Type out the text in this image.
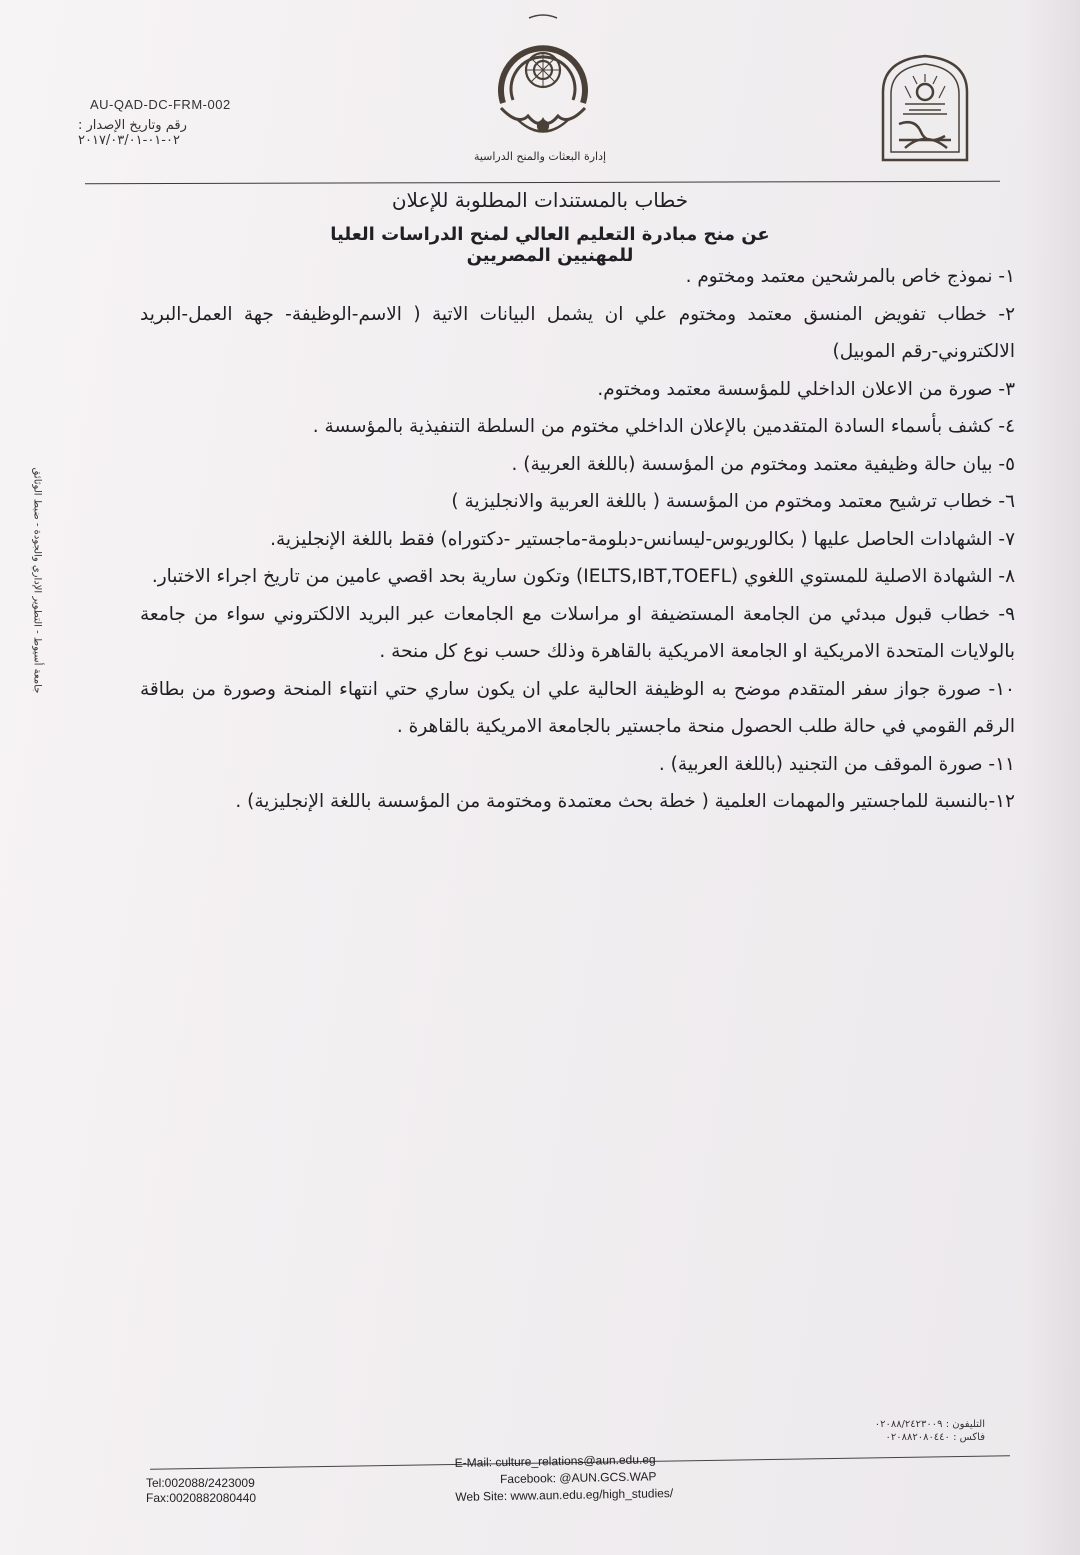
AU-QAD-DC-FRM-002
رقم وتاريخ الإصدار : ٠٢-٠١-٢٠١٧/٠٣/٠١
إدارة البعثات والمنح الدراسية
خطاب بالمستندات المطلوبة للإعلان
عن منح مبادرة التعليم العالي لمنح الدراسات العليا للمهنيين المصريين

١- نموذج خاص بالمرشحين معتمد ومختوم .

٢- خطاب تفويض المنسق معتمد ومختوم علي ان يشمل البيانات الاتية ( الاسم-الوظيفة- جهة العمل-البريد الالكتروني-رقم الموبيل)

٣- صورة من الاعلان الداخلي للمؤسسة معتمد ومختوم.

٤- كشف بأسماء السادة المتقدمين بالإعلان الداخلي مختوم من السلطة التنفيذية بالمؤسسة .

٥- بيان حالة وظيفية معتمد ومختوم من المؤسسة (باللغة العربية) .

٦- خطاب ترشيح معتمد ومختوم من المؤسسة ( باللغة العربية والانجليزية )

٧- الشهادات الحاصل عليها ( بكالوريوس-ليسانس-دبلومة-ماجستير -دكتوراه) فقط باللغة الإنجليزية.

٨- الشهادة الاصلية للمستوي اللغوي (IELTS,IBT,TOEFL) وتكون سارية بحد اقصي عامين من تاريخ اجراء الاختبار.

٩- خطاب قبول مبدئي من الجامعة المستضيفة او مراسلات مع الجامعات عبر البريد الالكتروني سواء من جامعة بالولايات المتحدة الامريكية او الجامعة الامريكية بالقاهرة وذلك حسب نوع كل منحة .

١٠- صورة جواز سفر المتقدم موضح به الوظيفة الحالية علي ان يكون ساري حتي انتهاء المنحة وصورة من بطاقة الرقم القومي في حالة طلب الحصول منحة ماجستير بالجامعة الامريكية بالقاهرة .

١١- صورة الموقف من التجنيد (باللغة العربية) .

١٢-بالنسبة للماجستير والمهمات العلمية ( خطة بحث معتمدة ومختومة من المؤسسة باللغة الإنجليزية) .

جامعة أسيوط - التطوير الإداري والجودة - ضبط الوثائق
التليفون : ٠٢٠٨٨/٢٤٢٣٠٠٩
فاكس : ٠٢٠٨٨٢٠٨٠٤٤٠
Tel:002088/2423009
Fax:0020882080440
E-Mail: culture_relations@aun.edu.eg
Facebook: @AUN.GCS.WAP
Web Site: www.aun.edu.eg/high_studies/
